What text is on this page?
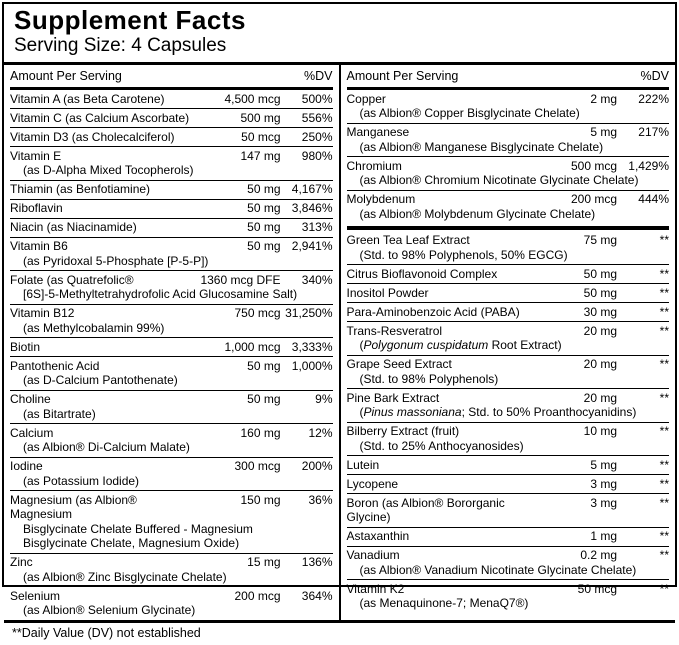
Supplement Facts
Serving Size: 4 Capsules
Amount Per Serving	%DV
Vitamin A (as Beta Carotene)	4,500 mcg	500%
Vitamin C (as Calcium Ascorbate)	500 mg	556%
Vitamin D3 (as Cholecalciferol)	50 mcg	250%
Vitamin E	147 mg	980%
(as D-Alpha Mixed Tocopherols)
Thiamin (as Benfotiamine)	50 mg 4,167%
Riboflavin	50 mg 3,846%
Niacin (as Niacinamide)	50 mg	313%
Vitamin B6	50 mg 2,941%
(as Pyridoxal 5-Phosphate [P-5-P])
Folate (as Quatrefolic®	1360 mcg DFE	340%
[6S]-5-Methyltetrahydrofolic Acid Glucosamine Salt)
Vitamin B12	750 mcg 31,250%
(as Methylcobalamin 99%)
Biotin	1,000 mcg 3,333%
Pantothenic Acid	50 mg 1,000%
(as D-Calcium Pantothenate)
Choline	50 mg	9%
(as Bitartrate)
Calcium	160 mg	12%
(as Albion® Di-Calcium Malate)
Iodine	300 mcg	200%
(as Potassium Iodide)
Magnesium (as Albion® Magnesium
150 mg	36%
Bisglycinate Chelate Buffered - Magnesium
Bisglycinate Chelate, Magnesium Oxide)
Zinc	15 mg	136%
(as Albion® Zinc Bisglycinate Chelate)
Selenium	200 mcg	364%
(as Albion® Selenium Glycinate)
Amount Per Serving	%DV
Copper	2 mg	222%
(as Albion® Copper Bisglycinate Chelate)
Manganese	5 mg	217%
(as Albion® Manganese Bisglycinate Chelate)
Chromium	500 mcg 1,429%
(as Albion® Chromium Nicotinate Glycinate Chelate)
Molybdenum	200 mcg	444%
(as Albion® Molybdenum Glycinate Chelate)
Green Tea Leaf Extract	75 mg	**
(Std. to 98% Polyphenols, 50% EGCG)
Citrus Bioflavonoid Complex	50 mg	**
Inositol Powder	50 mg	**
Para-Aminobenzoic Acid (PABA)	30 mg	**
Trans-Resveratrol	20 mg	**
(Polygonum cuspidatum Root Extract)
Grape Seed Extract	20 mg	**
(Std. to 98% Polyphenols)
Pine Bark Extract	20 mg	**
(Pinus massoniana; Std. to 50% Proanthocyanidins)
Bilberry Extract (fruit)	10 mg	**
(Std. to 25% Anthocyanosides)
Lutein	5 mg	**
Lycopene	3 mg	**
Boron (as Albion® Bororganic Glycine)
3 mg	**
Astaxanthin	1 mg	**
Vanadium	0.2 mg	**
(as Albion® Vanadium Nicotinate Glycinate Chelate)
Vitamin K2	50 mcg	**
(as Menaquinone-7; MenaQ7®)
**Daily Value (DV) not established
